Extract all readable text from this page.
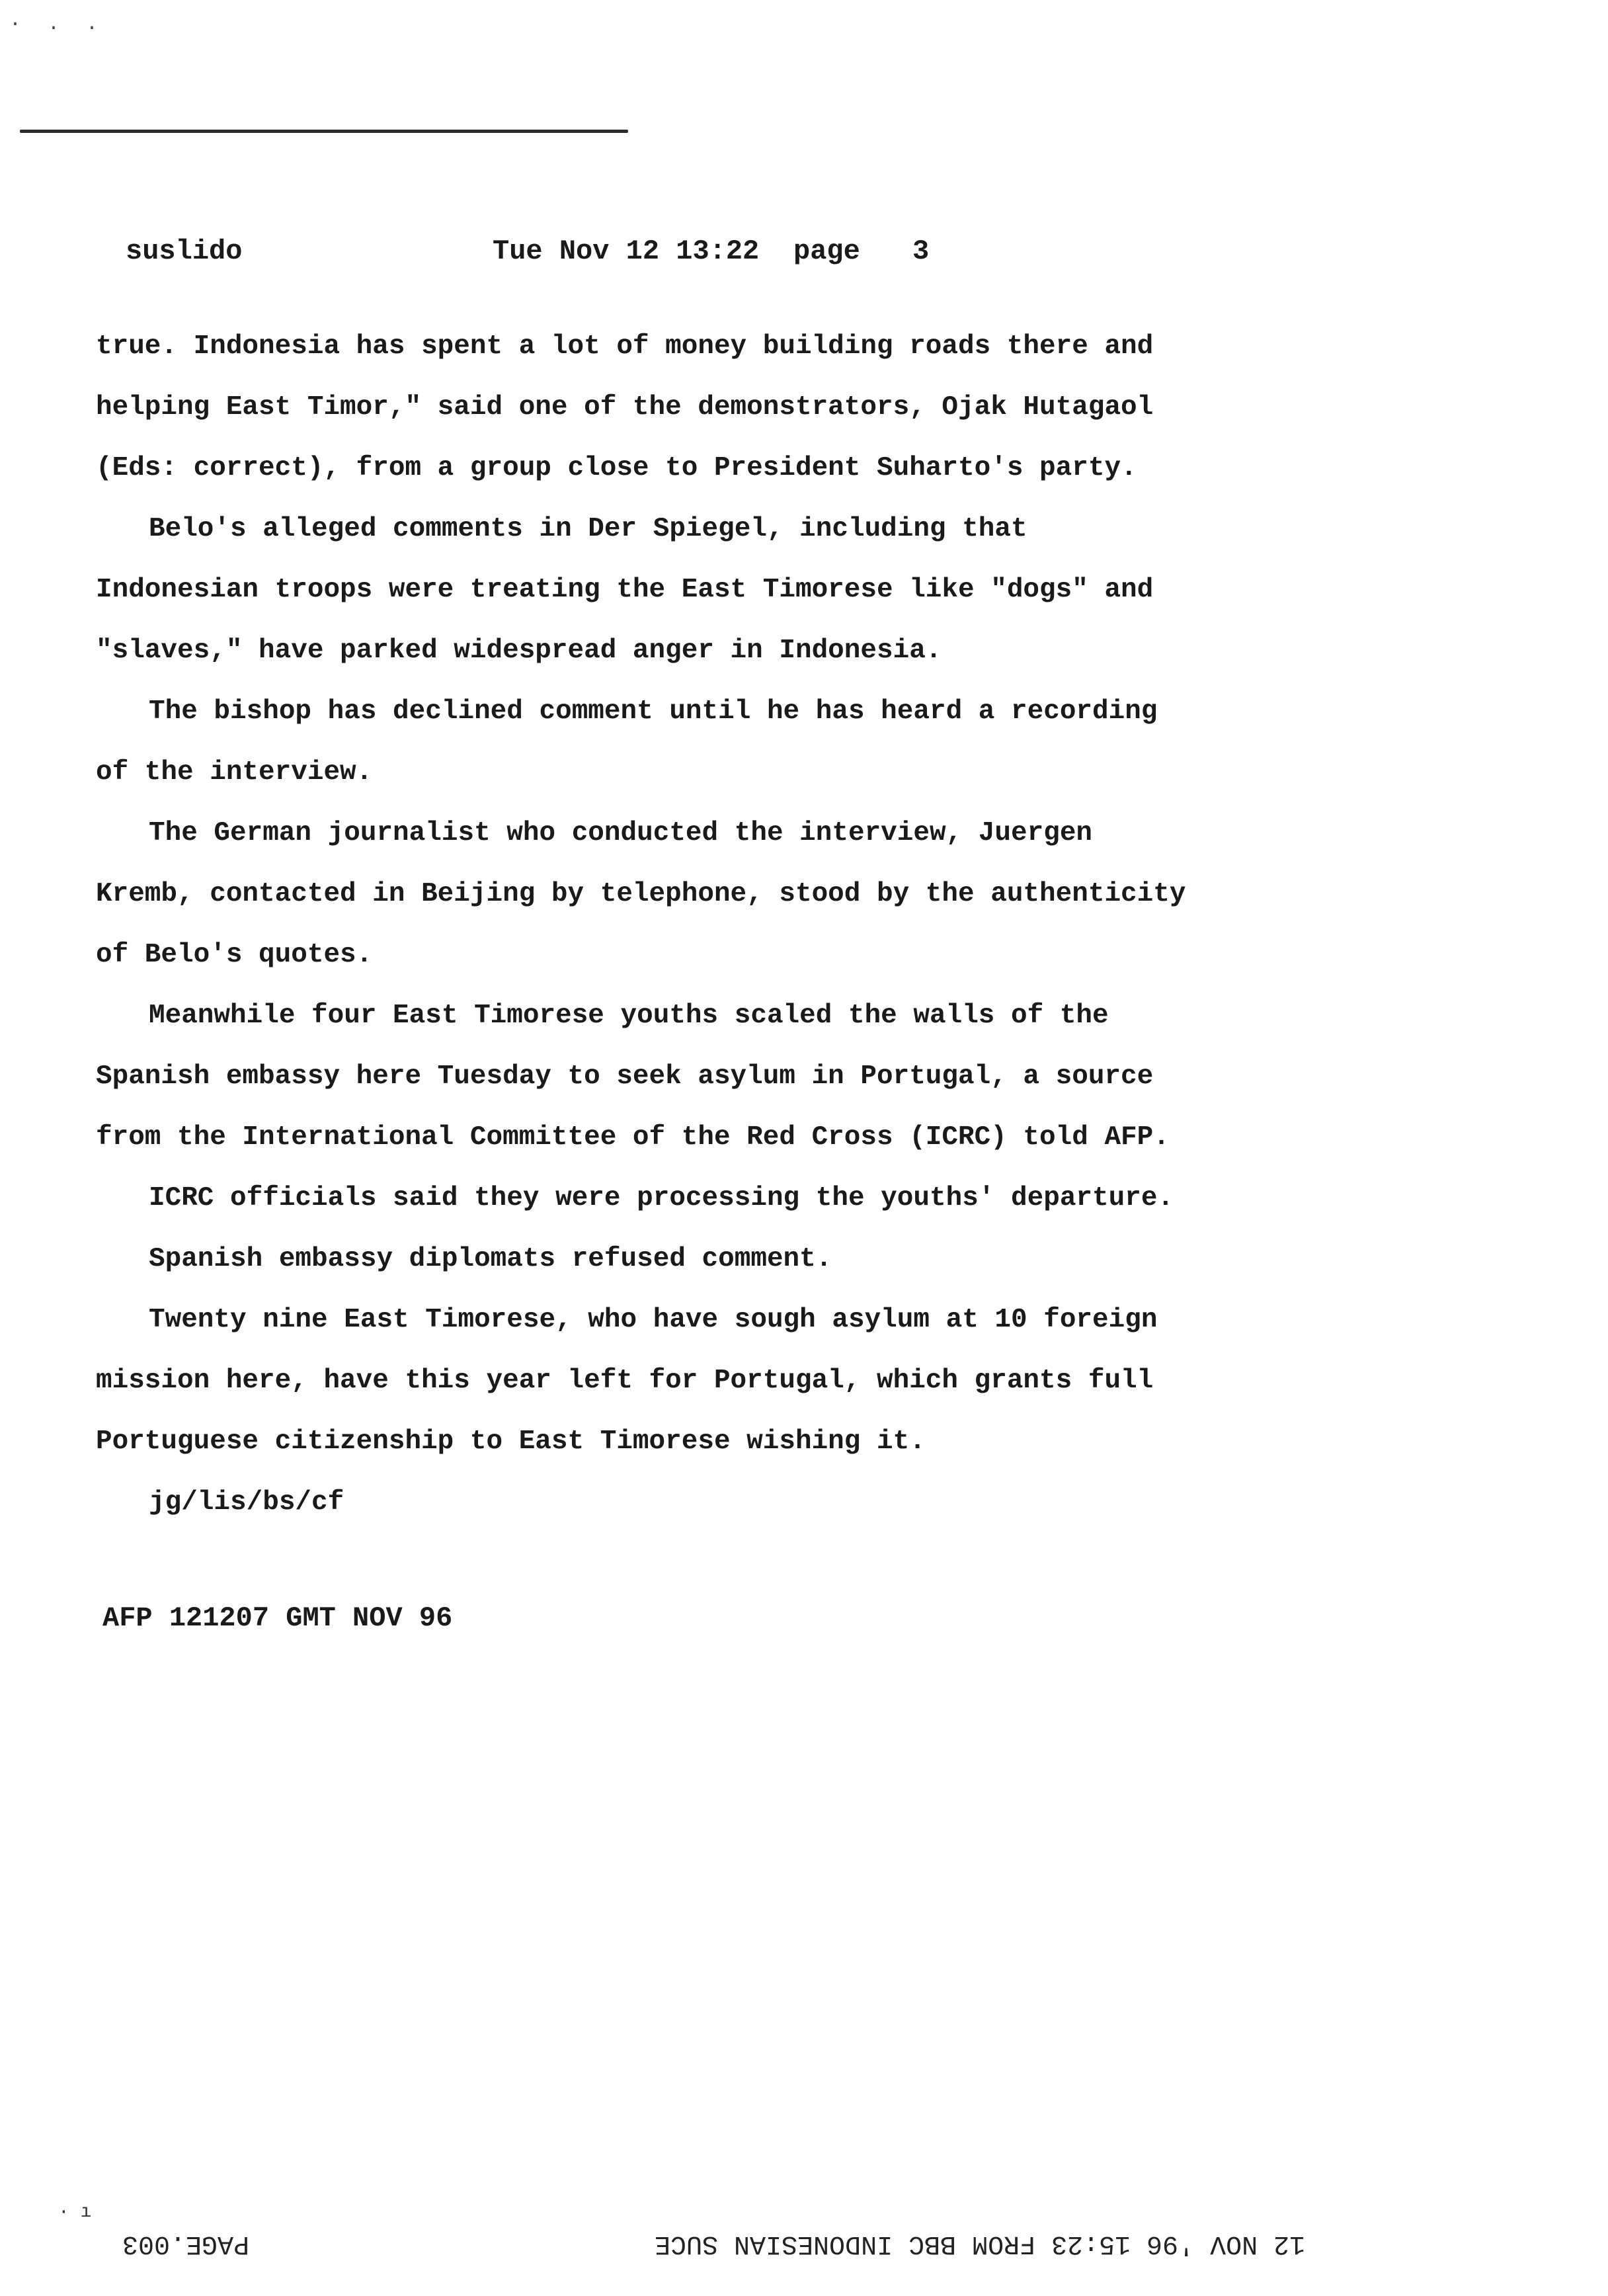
·..
suslido	Tue Nov 12 13:22 page 3
true. Indonesia has spent a lot of money building roads there and
helping East Timor," said one of the demonstrators, Ojak Hutagaol
(Eds: correct), from a group close to President Suharto's party.
Belo's alleged comments in Der Spiegel, including that
Indonesian troops were treating the East Timorese like "dogs" and
"slaves," have parked widespread anger in Indonesia.
The bishop has declined comment until he has heard a recording
of the interview.
The German journalist who conducted the interview, Juergen
Kremb, contacted in Beijing by telephone, stood by the authenticity
of Belo's quotes.
Meanwhile four East Timorese youths scaled the walls of the
Spanish embassy here Tuesday to seek asylum in Portugal, a source
from the International Committee of the Red Cross (ICRC) told AFP.
ICRC officials said they were processing the youths' departure.
Spanish embassy diplomats refused comment.
Twenty nine East Timorese, who have sough asylum at 10 foreign
mission here, have this year left for Portugal, which grants full
Portuguese citizenship to East Timorese wishing it.
jg/lis/bs/cf
AFP 121207 GMT NOV 96
· ı
PAGE.003	12 NOV '96 15:23 FROM BBC INDONESIAN SUCE
